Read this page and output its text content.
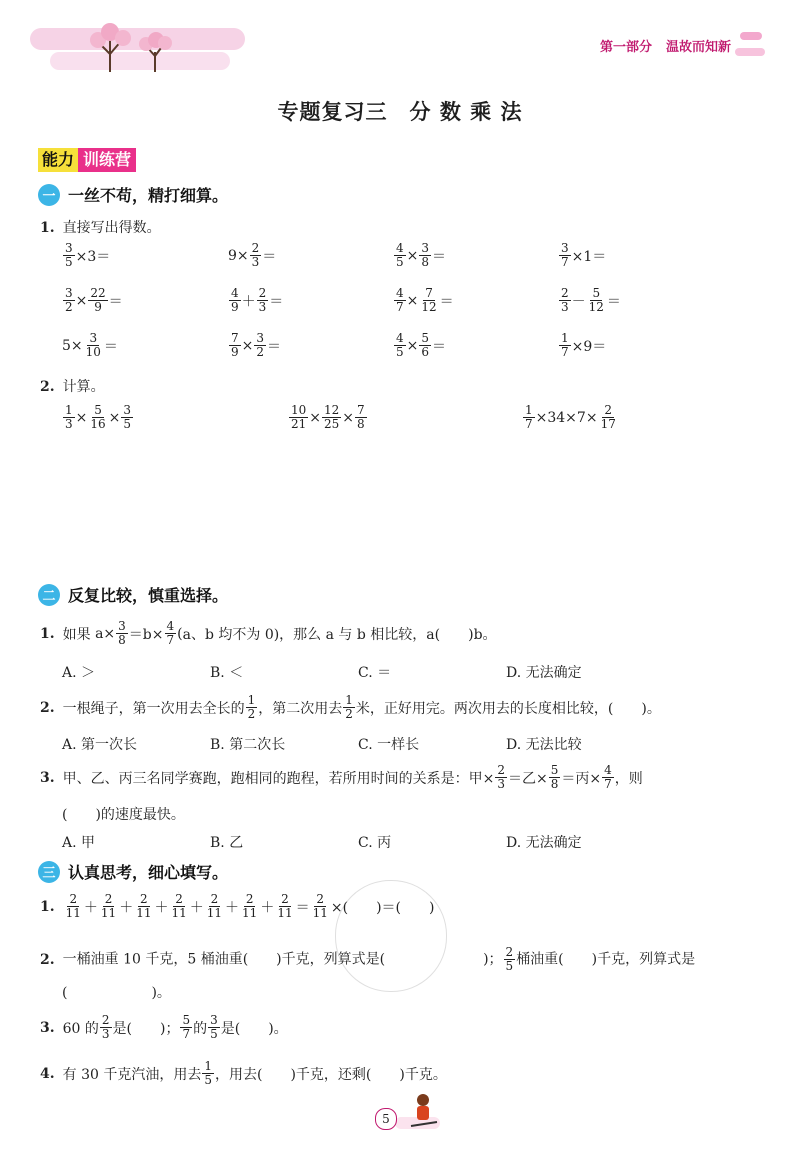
第一部分 温故而知新
专题复习三　分 数 乘 法
能力 训练营
一 一丝不苟，精打细算。
1. 直接写出得数。
$\frac{3}{5} \times 3=$	$9\times \frac{2}{3}$ ＝	$\frac{4}{5} \times \frac{3}{8}$ ＝	$\frac{3}{7} \times 1=$
$\frac{3}{2} \times \frac{22}{9}$ ＝	$\frac{4}{9} + \frac{2}{3}$ ＝	$\frac{4}{7} \times \frac{7}{12}$ ＝	$\frac{2}{3} - \frac{5}{12}$ ＝
$5\times \frac{3}{10}$ ＝	$\frac{7}{9} \times \frac{3}{2}$ ＝	$\frac{4}{5} \times \frac{5}{6}$ ＝	$\frac{1}{7} \times 9=$
2. 计算。
$\frac{1}{3} \times \frac{5}{16} \times \frac{3}{5}$	$\frac{10}{21} \times \frac{12}{25} \times \frac{7}{8}$	$\frac{1}{7} \times 34\times 7\times \frac{2}{17}$
二 反复比较，慎重选择。
1. 如果 $a\times \frac{3}{8} =b\times \frac{4}{7}$ ( a、b 均不为 0)，那么 a 与 b 相比较，a(　　)b。
A. ＞	B. ＜	C. ＝	D. 无法确定
2. 一根绳子，第一次用去全长的 $\frac{1}{2}$ ，第二次用去 $\frac{1}{2}$ 米，正好用完。两次用去的长度相比较，(　　)。
A. 第一次长	B. 第二次长	C. 一样长	D. 无法比较
3. 甲、乙、丙三名同学赛跑，跑相同的跑程，若所用时间的关系是：甲× $\frac{2}{3}$ ＝乙× $\frac{5}{8}$ ＝丙× $\frac{4}{7}$ ，则
(　　)的速度最快。
A. 甲	B. 乙	C. 丙	D. 无法确定
三 认真思考，细心填写。
1. $\frac{2}{11} + \frac{2}{11} + \frac{2}{11} + \frac{2}{11} + \frac{2}{11} + \frac{2}{11} + \frac{2}{11} = \frac{2}{11}$ ×(　　)＝(　　)
2. 一桶油重 10 千克，5 桶油重(　　)千克，列算式是(　　　　　　　)； $\frac{2}{5}$ 桶油重(　　)千克，列算式是
(　　　　　　)。
3. 60 的 $\frac{2}{3}$ 是(　　)； $\frac{5}{7}$ 的 $\frac{3}{5}$ 是(　　)。
4. 有 30 千克汽油，用去 $\frac{1}{5}$ ，用去(　　)千克，还剩(　　)千克。
5
